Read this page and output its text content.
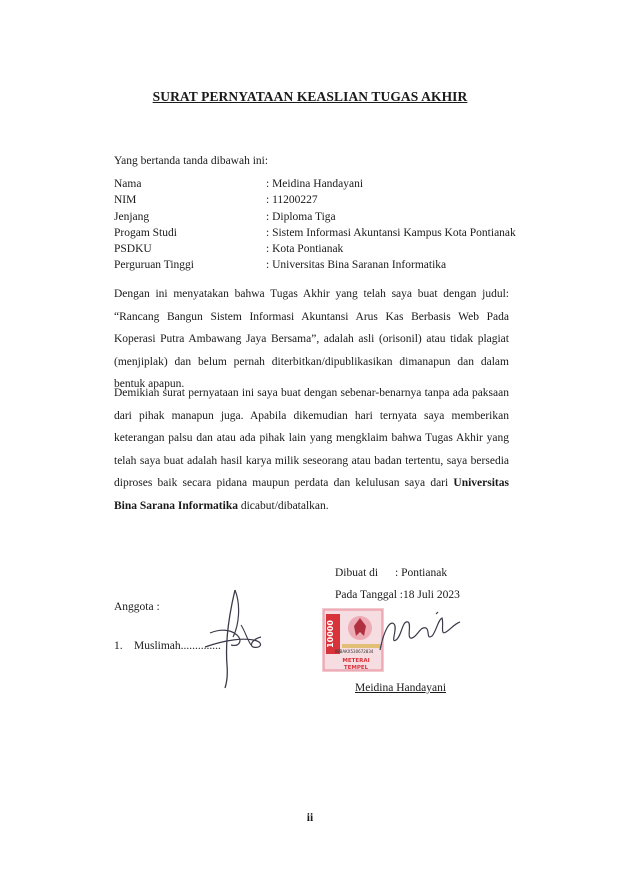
SURAT PERNYATAAN KEASLIAN TUGAS AKHIR
Yang bertanda tanda dibawah ini:
Nama	: Meidina Handayani
NIM	: 11200227
Jenjang	: Diploma Tiga
Progam Studi	: Sistem Informasi Akuntansi Kampus Kota Pontianak
PSDKU	: Kota Pontianak
Perguruan Tinggi	: Universitas Bina Saranan Informatika
Dengan ini menyatakan bahwa Tugas Akhir yang telah saya buat dengan judul: “Rancang Bangun Sistem Informasi Akuntansi Arus Kas Berbasis Web Pada Koperasi Putra Ambawang Jaya Bersama”, adalah asli (orisonil) atau tidak plagiat (menjiplak) dan belum pernah diterbitkan/dipublikasikan dimanapun dan dalam bentuk apapun.
Demikian surat pernyataan ini saya buat dengan sebenar-benarnya tanpa ada paksaan dari pihak manapun juga. Apabila dikemudian hari ternyata saya memberikan keterangan palsu dan atau ada pihak lain yang mengklaim bahwa Tugas Akhir yang telah saya buat adalah hasil karya milik seseorang atau badan tertentu, saya bersedia diproses baik secara pidana maupun perdata dan kelulusan saya dari Universitas Bina Sarana Informatika dicabut/dibatalkan.
Dibuat di	: Pontianak
Pada Tanggal :18 Juli 2023
Anggota :
1. Muslimah..............	10000
08BAKX530672834
METERAI
TEMPEL
Meidina Handayani
ii
